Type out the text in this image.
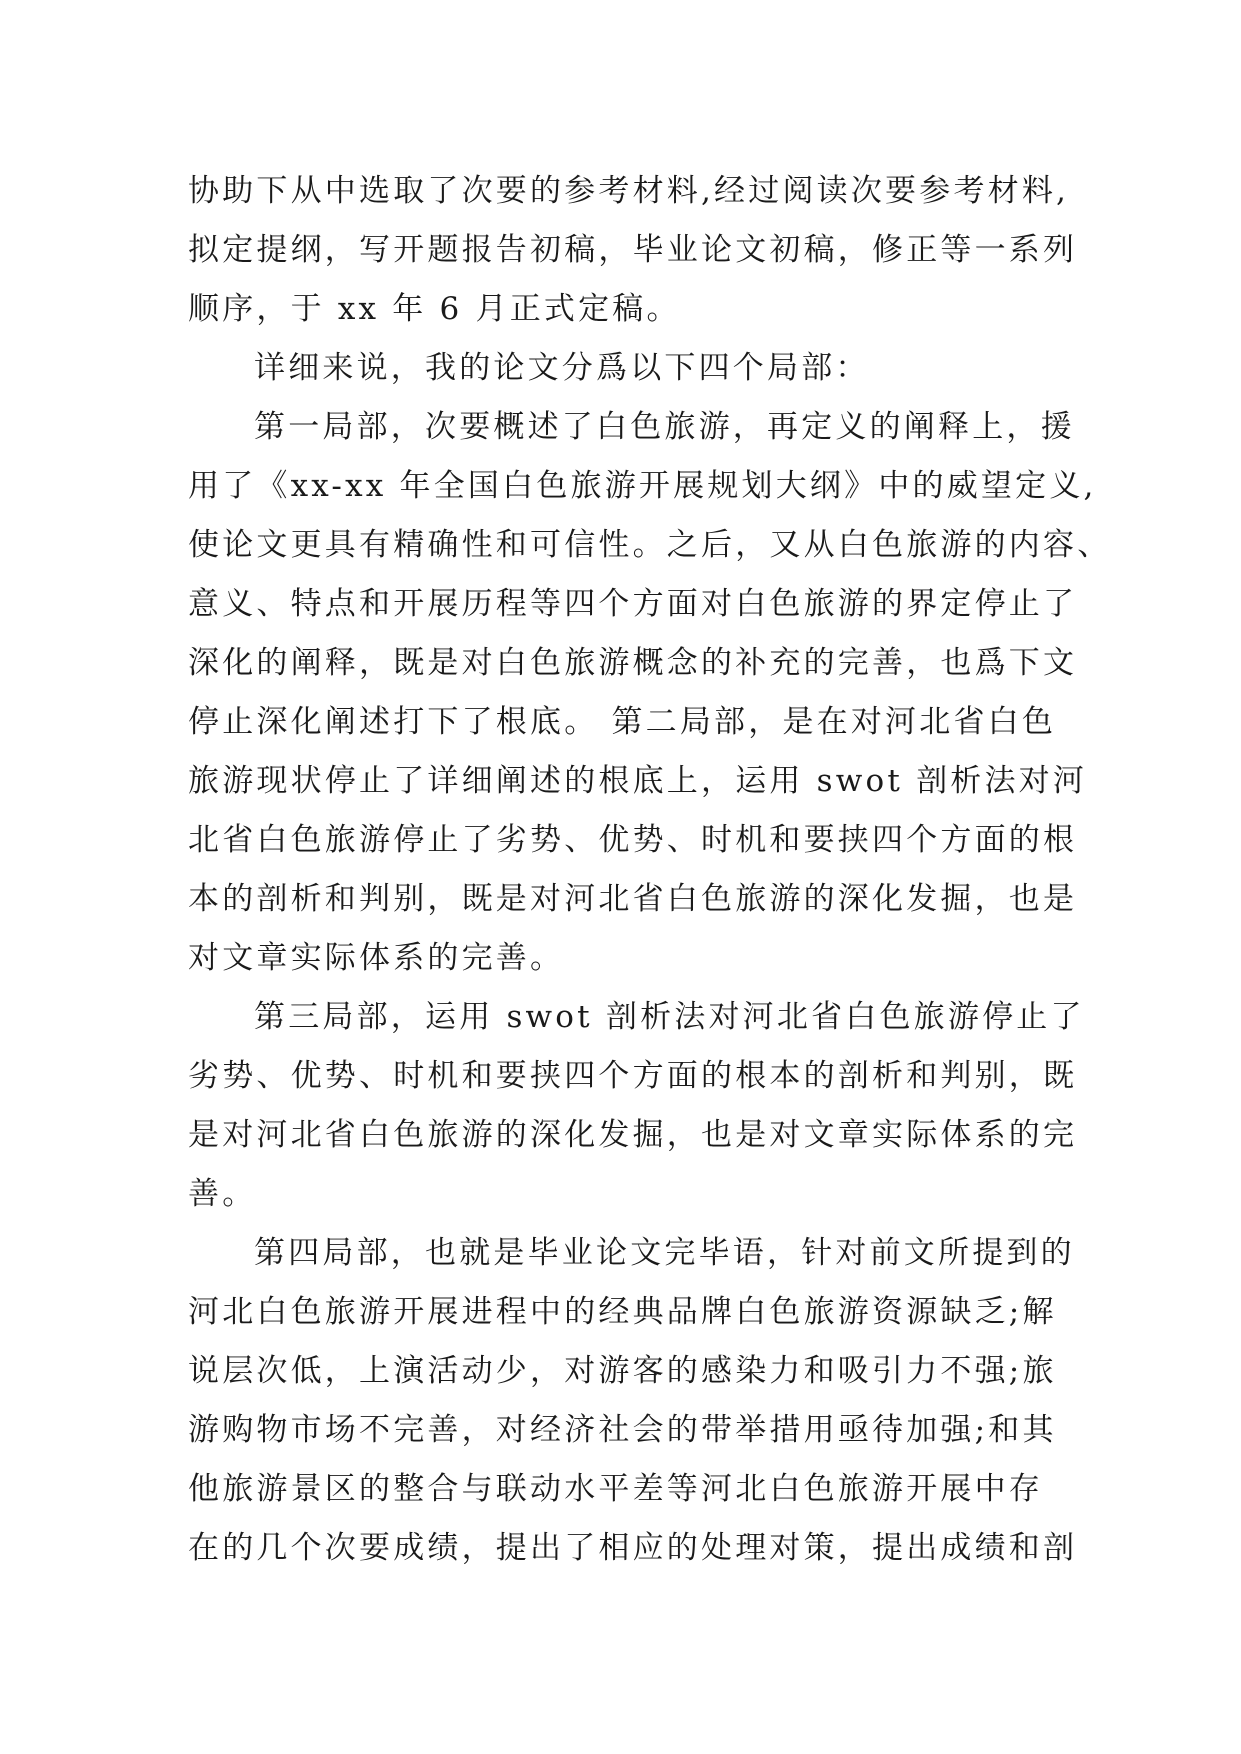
协助下从中选取了次要的参考材料,经过阅读次要参考材料,
拟定提纲，写开题报告初稿，毕业论文初稿，修正等一系列
顺序，于 xx 年 6 月正式定稿。
详细来说，我的论文分爲以下四个局部：
第一局部，次要概述了白色旅游，再定义的阐释上，援
用了《xx-xx 年全国白色旅游开展规划大纲》中的威望定义,
使论文更具有精确性和可信性。之后，又从白色旅游的内容、
意义、特点和开展历程等四个方面对白色旅游的界定停止了
深化的阐释，既是对白色旅游概念的补充的完善，也爲下文
停止深化阐述打下了根底。 第二局部，是在对河北省白色
旅游现状停止了详细阐述的根底上，运用 swot 剖析法对河
北省白色旅游停止了劣势、优势、时机和要挟四个方面的根
本的剖析和判别，既是对河北省白色旅游的深化发掘，也是
对文章实际体系的完善。
第三局部，运用 swot 剖析法对河北省白色旅游停止了
劣势、优势、时机和要挟四个方面的根本的剖析和判别，既
是对河北省白色旅游的深化发掘，也是对文章实际体系的完
善。
第四局部，也就是毕业论文完毕语，针对前文所提到的
河北白色旅游开展进程中的经典品牌白色旅游资源缺乏;解
说层次低，上演活动少，对游客的感染力和吸引力不强;旅
游购物市场不完善，对经济社会的带举措用亟待加强;和其
他旅游景区的整合与联动水平差等河北白色旅游开展中存
在的几个次要成绩，提出了相应的处理对策，提出成绩和剖
